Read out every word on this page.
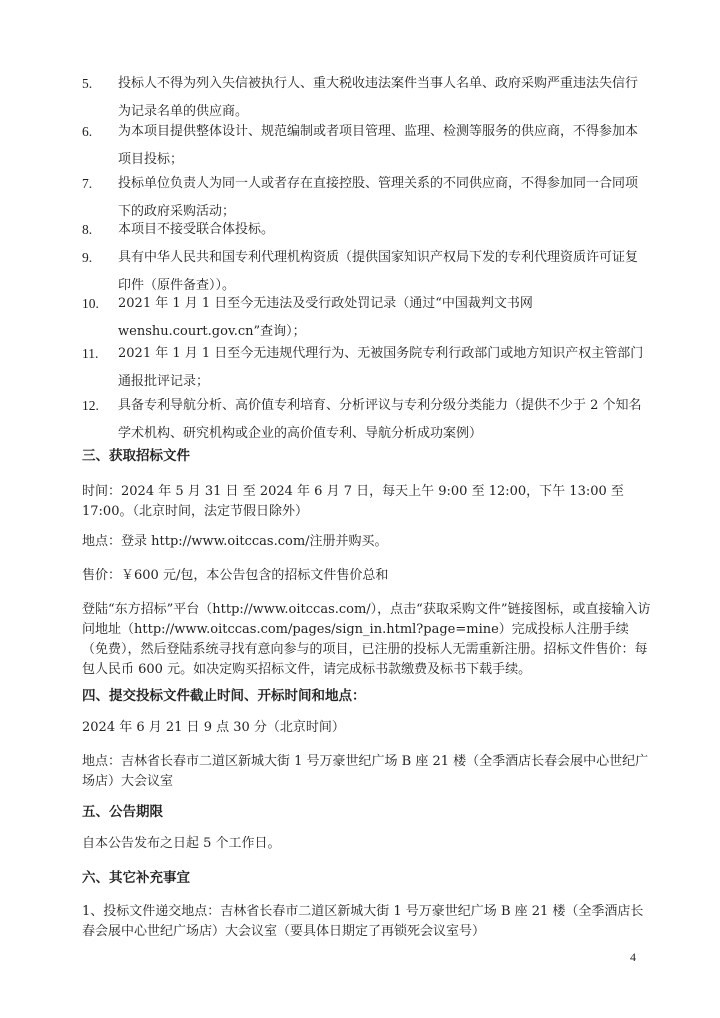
5. 投标人不得为列入失信被执行人、重大税收违法案件当事人名单、政府采购严重违法失信行为记录名单的供应商。

6. 为本项目提供整体设计、规范编制或者项目管理、监理、检测等服务的供应商，不得参加本项目投标；

7. 投标单位负责人为同一人或者存在直接控股、管理关系的不同供应商，不得参加同一合同项下的政府采购活动；

8. 本项目不接受联合体投标。

9. 具有中华人民共和国专利代理机构资质（提供国家知识产权局下发的专利代理资质许可证复印件（原件备查））。

10. 2021 年 1 月 1 日至今无违法及受行政处罚记录（通过“中国裁判文书网 wenshu.court.gov.cn”查询）；

11. 2021 年 1 月 1 日至今无违规代理行为、无被国务院专利行政部门或地方知识产权主管部门通报批评记录；

12. 具备专利导航分析、高价值专利培育、分析评议与专利分级分类能力（提供不少于 2 个知名学术机构、研究机构或企业的高价值专利、导航分析成功案例）

三、获取招标文件

时间：2024 年 5 月 31 日 至 2024 年 6 月 7 日，每天上午 9:00 至 12:00，下午 13:00 至 17:00。（北京时间，法定节假日除外）

地点：登录 http://www.oitccas.com/注册并购买。

售价：￥600 元/包，本公告包含的招标文件售价总和

登陆“东方招标”平台（http://www.oitccas.com/），点击“获取采购文件”链接图标，或直接输入访问地址（http://www.oitccas.com/pages/sign_in.html?page=mine）完成投标人注册手续（免费），然后登陆系统寻找有意向参与的项目，已注册的投标人无需重新注册。招标文件售价：每包人民币 600 元。如决定购买招标文件，请完成标书款缴费及标书下载手续。

四、提交投标文件截止时间、开标时间和地点：

2024 年 6 月 21 日 9 点 30 分（北京时间）

地点：吉林省长春市二道区新城大街 1 号万豪世纪广场 B 座 21 楼（全季酒店长春会展中心世纪广场店）大会议室

五、公告期限

自本公告发布之日起 5 个工作日。

六、其它补充事宜

1、投标文件递交地点：吉林省长春市二道区新城大街 1 号万豪世纪广场 B 座 21 楼（全季酒店长春会展中心世纪广场店）大会议室（要具体日期定了再锁死会议室号）

4
